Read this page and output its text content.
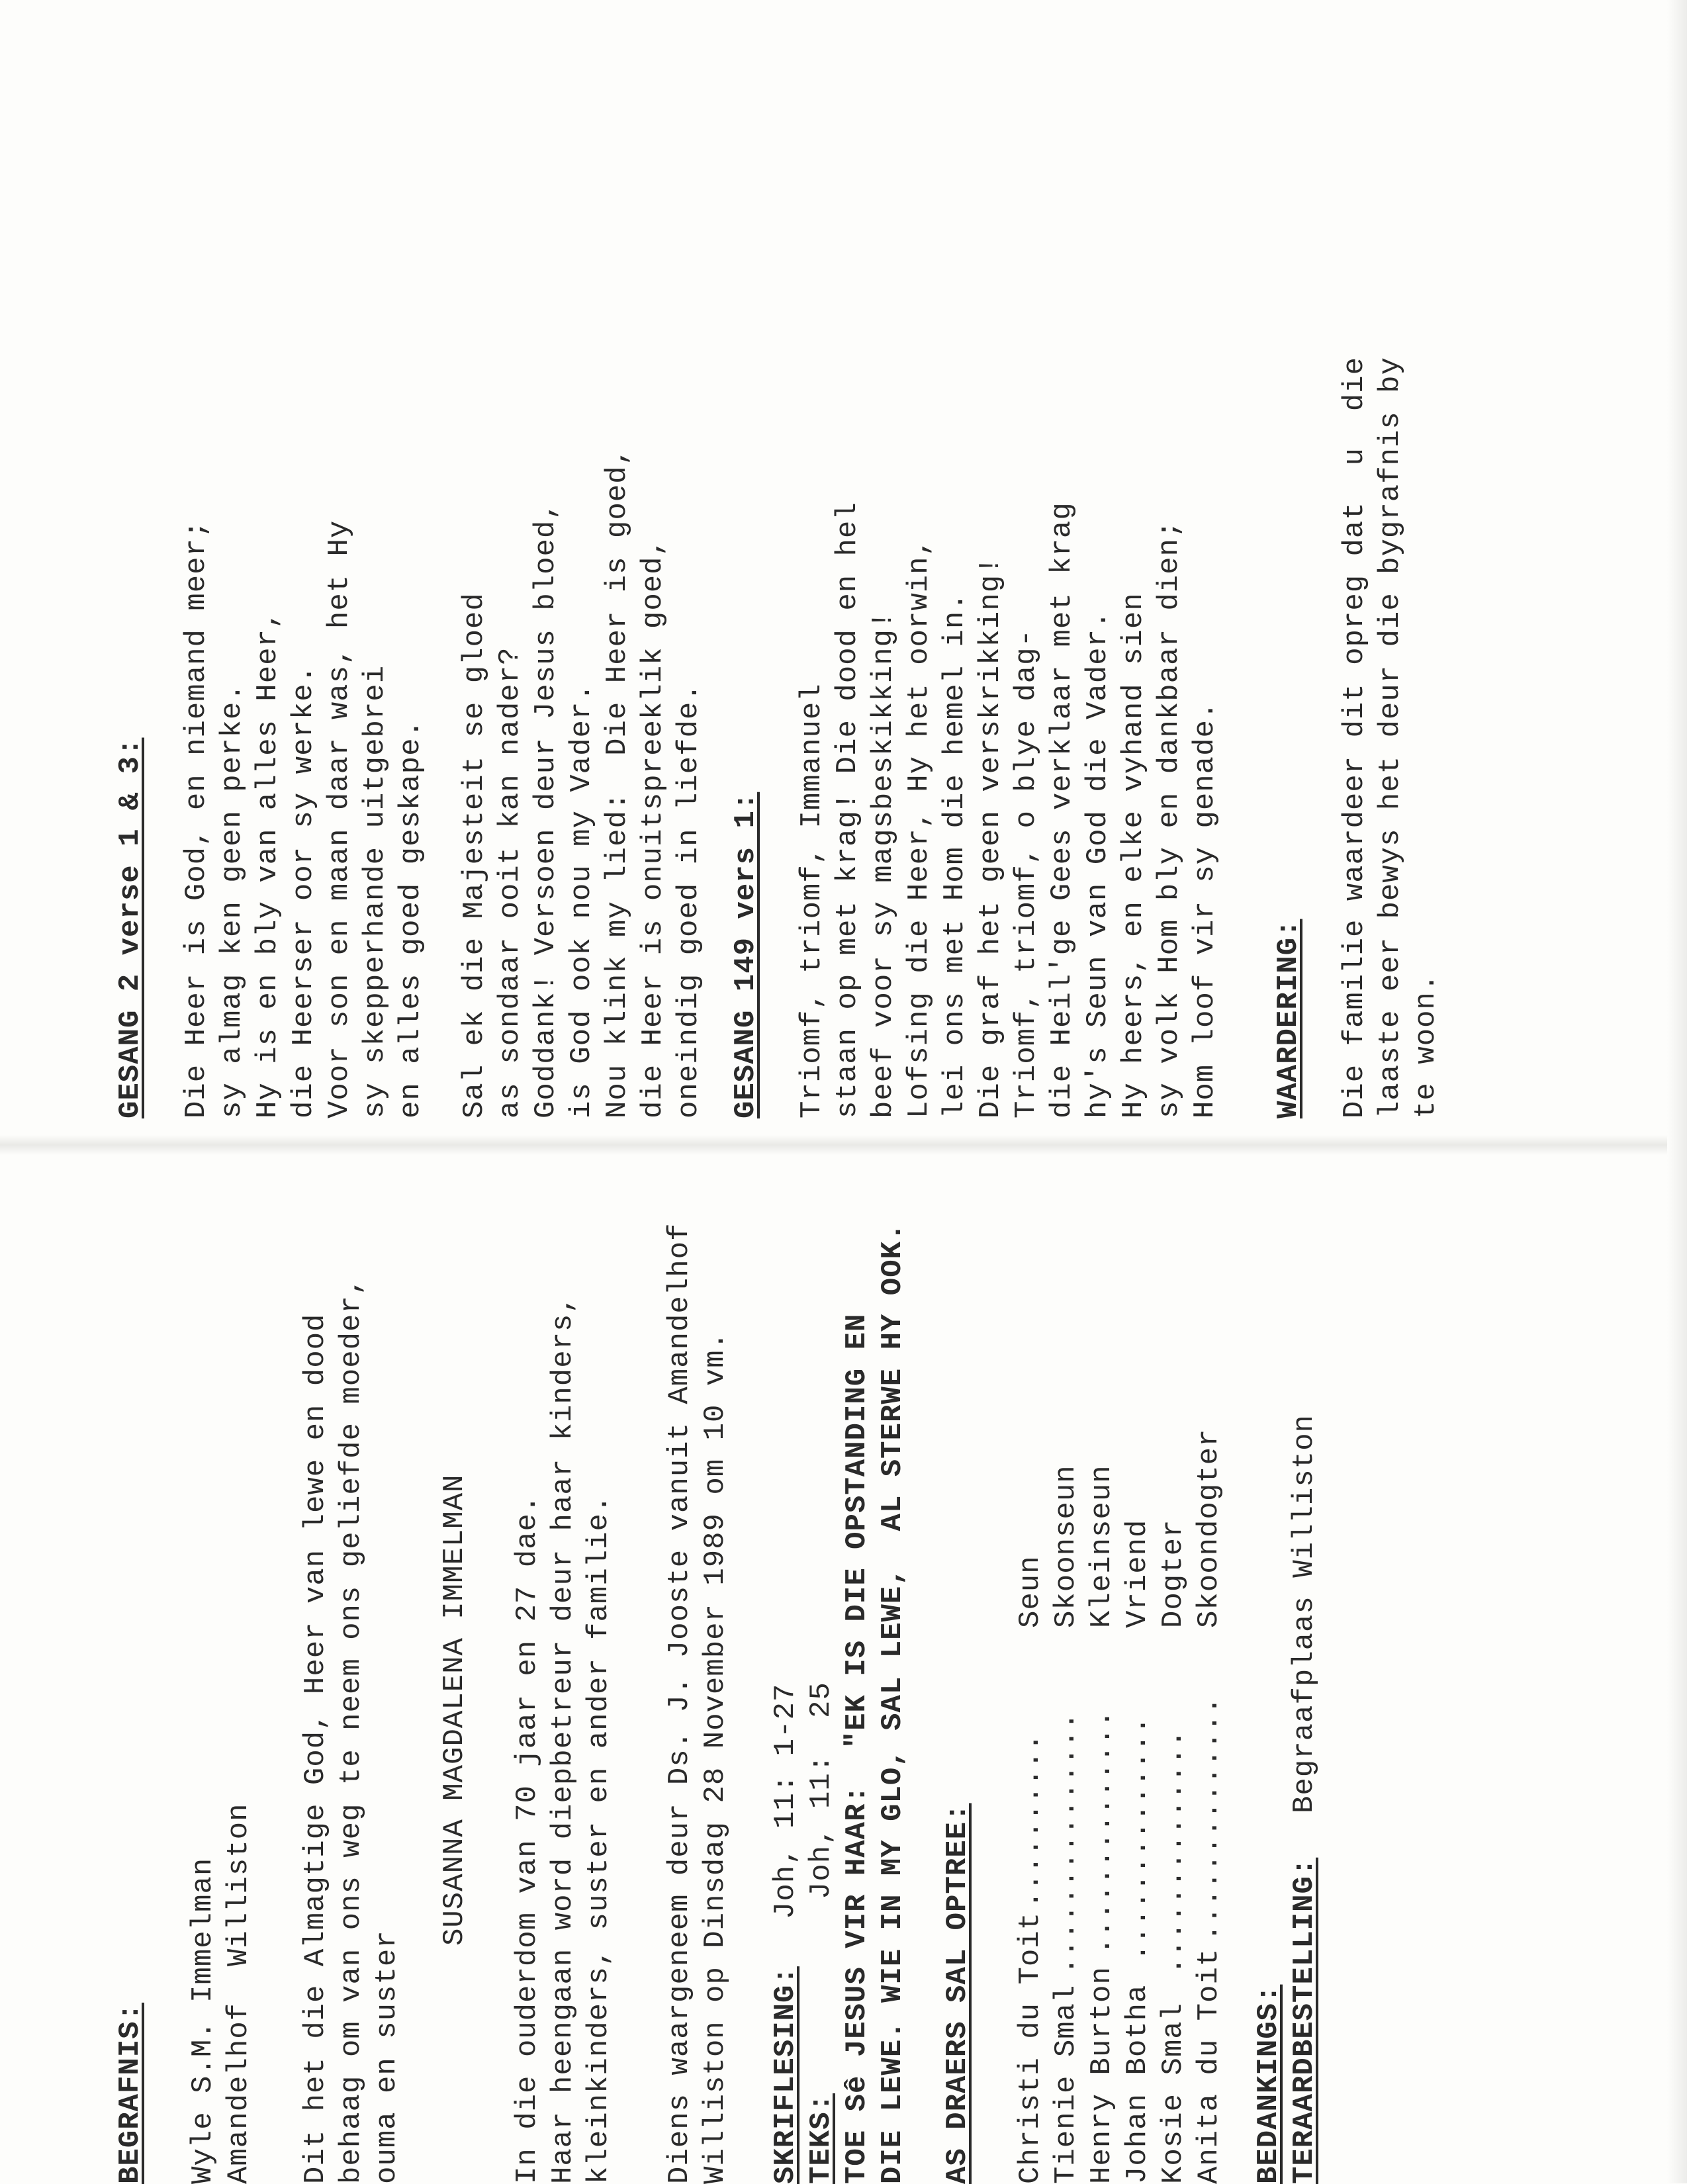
BEGRAFNIS: Wyle S.M. Immelman Amandelhof  Williston Dit het die Almagtige God, Heer van lewe en dood behaag om van ons weg te neem ons geliefde moeder, ouma en suster
SUSANNA MAGDALENA IMMELMAN In die ouderdom van 70 jaar en 27 dae. Haar heengaan word diepbetreur deur haar kinders, kleinkinders, suster en ander familie. Diens waargeneem deur Ds. J. Jooste vanuit Amandelhof Williston op Dinsdag 28 November 1989 om 10 vm. SKRIFLESING:
Joh, 11: 1-27
TEKS:
Joh, 11:  25 TOE Sê JESUS VIR HAAR:  "EK IS DIE OPSTANDING EN DIE LEWE. WIE IN MY GLO, SAL LEWE,  AL STERWE HY OOK. AS DRAERS SAL OPTREE: Christi du Toit
..........
Seun
Tienie Smal
...............
Skoonseun
Henry Burton
..............
Kleinseun
Johan Botha
..............
Vriend
Kosie Smal
..............
Dogter
Anita du Toit
..............
Skoondogter
BEDANKINGS: TERAARDBESTELLING:
Begraafplaas Williston
GESANG 2 verse 1 & 3: Die Heer is God, en niemand meer; sy almag ken geen perke. Hy is en bly van alles Heer, die Heerser oor sy werke. Voor son en maan daar was, het Hy sy skepperhande uitgebrei en alles goed geskape. Sal ek die Majesteit se gloed as sondaar ooit kan nader? Goddank! Versoen deur Jesus bloed, is God ook nou my Vader. Nou klink my lied:  Die Heer is goed, die Heer is onuitspreeklik goed, oneindig goed in liefde. GESANG 149 vers 1: Triomf, triomf, Immanuel staan op met krag! Die dood en hel beef voor sy magsbeskikking! Lofsing die Heer, Hy het oorwin, lei ons met Hom die hemel in. Die graf het geen verskrikking! Triomf, triomf, o blye dag- die Heil'ge Gees verklaar met krag hy's Seun van God die Vader. Hy heers, en elke vyhand sien sy volk Hom bly en dankbaar dien; Hom loof vir sy genade. WAARDERING: Die familie waardeer dit opreg dat  u  die laaste eer bewys het deur die bygrafnis by te woon.
